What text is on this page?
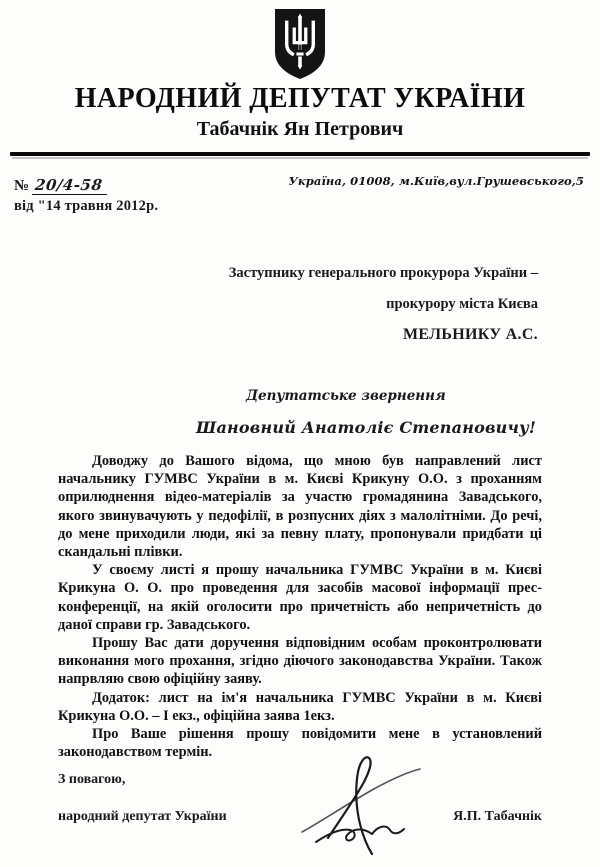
НАРОДНИЙ ДЕПУТАТ УКРАЇНИ
Табачнік Ян Петрович
№ 20/4-58
від "14 травня 2012р.
Україна, 01008, м.Київ,вул.Грушевського,5
Заступнику генерального прокурора України –
прокурору міста Києва
МЕЛЬНИКУ А.С.
Депутатське звернення
Шановний Анатоліє Степановичу!

Доводжу до Вашого відома, що мною був направлений лист начальнику ГУМВС України в м. Києві Крикуну О.О. з проханням оприлюднення відео-матеріалів за участю громадянина Завадського, якого звинувачують у педофілії, в розпусних діях з малолітніми. До речі, до мене приходили люди, які за певну плату, пропонували придбати ці скандальні плівки.

У своєму листі я прошу начальника ГУМВС України в м. Києві Крикуна О. О. про проведення для засобів масової інформації прес-конференції, на якій оголосити про причетність або непричетність до даної справи гр. Завадського.

Прошу Вас дати доручення відповідним особам проконтролювати виконання мого прохання, згідно діючого законодавства України. Також напрвляю свою офіційну заяву.

Додаток: лист на ім'я начальника ГУМВС України в м. Києві Крикуна О.О. – I екз., офіційна заява 1екз.

Про Ваше рішення прошу повідомити мене в установлений законодавством термін.

З повагою,
народний депутат України	Я.П. Табачнік
